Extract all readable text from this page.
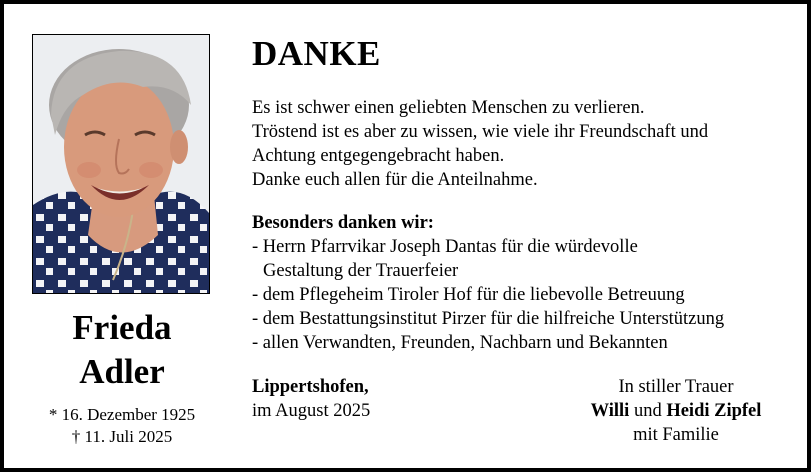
Frieda
Adler
* 16. Dezember 1925
† 11. Juli 2025
DANKE
Es ist schwer einen geliebten Menschen zu verlieren.
Tröstend ist es aber zu wissen, wie viele ihr Freundschaft und
Achtung entgegengebracht haben.
Danke euch allen für die Anteilnahme.
Besonders danken wir:
- Herrn Pfarrvikar Joseph Dantas für die würdevolle
Gestaltung der Trauerfeier
- dem Pflegeheim Tiroler Hof für die liebevolle Betreuung
- dem Bestattungsinstitut Pirzer für die hilfreiche Unterstützung
- allen Verwandten, Freunden, Nachbarn und Bekannten
Lippertshofen,
im August 2025
In stiller Trauer
Willi und Heidi Zipfel
mit Familie
